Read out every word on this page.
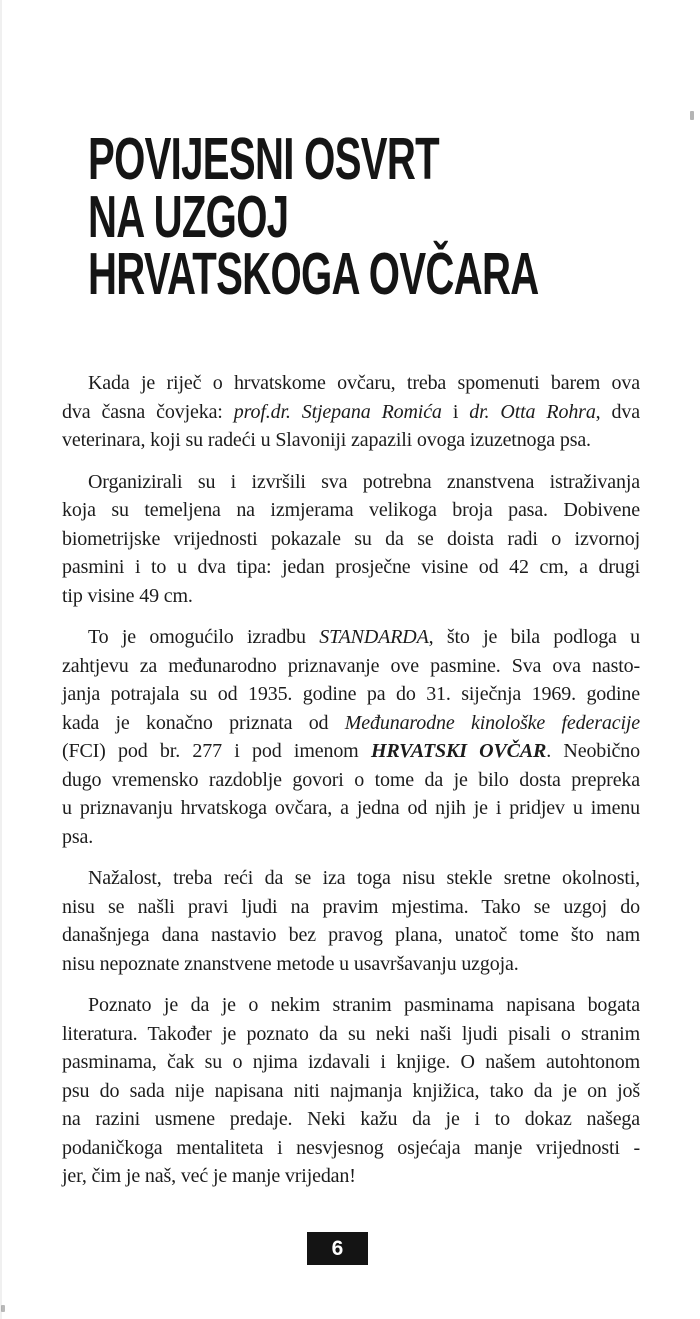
POVIJESNI OSVRT
NA UZGOJ
HRVATSKOGA OVČARA

Kada je riječ o hrvatskome ovčaru, treba spomenuti barem ova
dva časna čovjeka: prof.dr. Stjepana Romića i dr. Otta Rohra, dva
veterinara, koji su radeći u Slavoniji zapazili ovoga izuzetnoga psa.

Organizirali su i izvršili sva potrebna znanstvena istraživanja
koja su temeljena na izmjerama velikoga broja pasa. Dobivene
biometrijske vrijednosti pokazale su da se doista radi o izvornoj
pasmini i to u dva tipa: jedan prosječne visine od 42 cm, a drugi
tip visine 49 cm.

To je omogućilo izradbu STANDARDA, što je bila podloga u
zahtjevu za međunarodno priznavanje ove pasmine. Sva ova nasto-
janja potrajala su od 1935. godine pa do 31. siječnja 1969. godine
kada je konačno priznata od Međunarodne kinološke federacije
(FCI) pod br. 277 i pod imenom HRVATSKI OVČAR. Neobično
dugo vremensko razdoblje govori o tome da je bilo dosta prepreka
u priznavanju hrvatskoga ovčara, a jedna od njih je i pridjev u imenu
psa.

Nažalost, treba reći da se iza toga nisu stekle sretne okolnosti,
nisu se našli pravi ljudi na pravim mjestima. Tako se uzgoj do
današnjega dana nastavio bez pravog plana, unatoč tome što nam
nisu nepoznate znanstvene metode u usavršavanju uzgoja.

Poznato je da je o nekim stranim pasminama napisana bogata
literatura. Također je poznato da su neki naši ljudi pisali o stranim
pasminama, čak su o njima izdavali i knjige. O našem autohtonom
psu do sada nije napisana niti najmanja knjižica, tako da je on još
na razini usmene predaje. Neki kažu da je i to dokaz našega
podaničkoga mentaliteta i nesvjesnog osjećaja manje vrijednosti -
jer, čim je naš, već je manje vrijedan!

6
